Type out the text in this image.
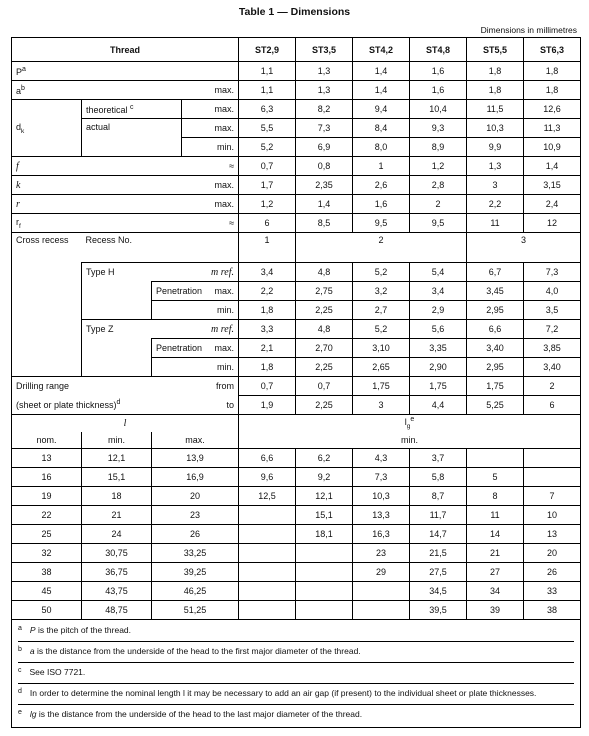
Table 1 — Dimensions
Dimensions in millimetres
Thread				ST2,9	ST3,5	ST4,2	ST4,8	ST5,5	ST6,3
$P^a$				1,1	1,3	1,4	1,6	1,8	1,8
$a^b$			max.	1,1	1,3	1,4	1,6	1,8	1,8
$d_k$	theoretical $^c$		max.	6,3	8,2	9,4	10,4	11,5	12,6
	actual		max.	5,5	7,3	8,4	9,3	10,3	11,3
			min.	5,2	6,9	8,0	8,9	9,9	10,9
f			≈	0,7	0,8	1	1,2	1,3	1,4
k			max.	1,7	2,35	2,6	2,8	3	3,15
r			max.	1,2	1,4	1,6	2	2,2	2,4
$r_f$			≈	6	8,5	9,5	9,5	11	12
Cross recess	Recess No.			1	2			3	
	Type H		m ref.	3,4	4,8	5,2	5,4	6,7	7,3
		Penetration	max.	2,2	2,75	3,2	3,4	3,45	4,0
			min.	1,8	2,25	2,7	2,9	2,95	3,5
	Type Z		m ref.	3,3	4,8	5,2	5,6	6,6	7,2
		Penetration	max.	2,1	2,70	3,10	3,35	3,40	3,85
			min.	1,8	2,25	2,65	2,90	2,95	3,40
Drilling range			from	0,7	0,7	1,75	1,75	1,75	2
(sheet or plate thickness)$^d$			to	1,9	2,25	3	4,4	5,25	6
l				$l_g^e$
nom.	min.	max.		min.					
13	12,1	13,9		6,6	6,2	4,3	3,7		
16	15,1	16,9		9,6	9,2	7,3	5,8	5	
19	18	20		12,5	12,1	10,3	8,7	8	7
22	21	23			15,1	13,3	11,7	11	10
25	24	26			18,1	16,3	14,7	14	13
32	30,75	33,25				23	21,5	21	20
38	36,75	39,25				29	27,5	27	26
45	43,75	46,25					34,5	34	33
50	48,75	51,25					39,5	39	38

$^a$ P is the pitch of the thread.
$^b$ a is the distance from the underside of the head to the first major diameter of the thread.
$^c$ See ISO 7721.
$^d$ In order to determine the nominal length l it may be necessary to add an air gap (if present) to the individual sheet or plate thicknesses.
$^e$ lg is the distance from the underside of the head to the last major diameter of the thread.									
